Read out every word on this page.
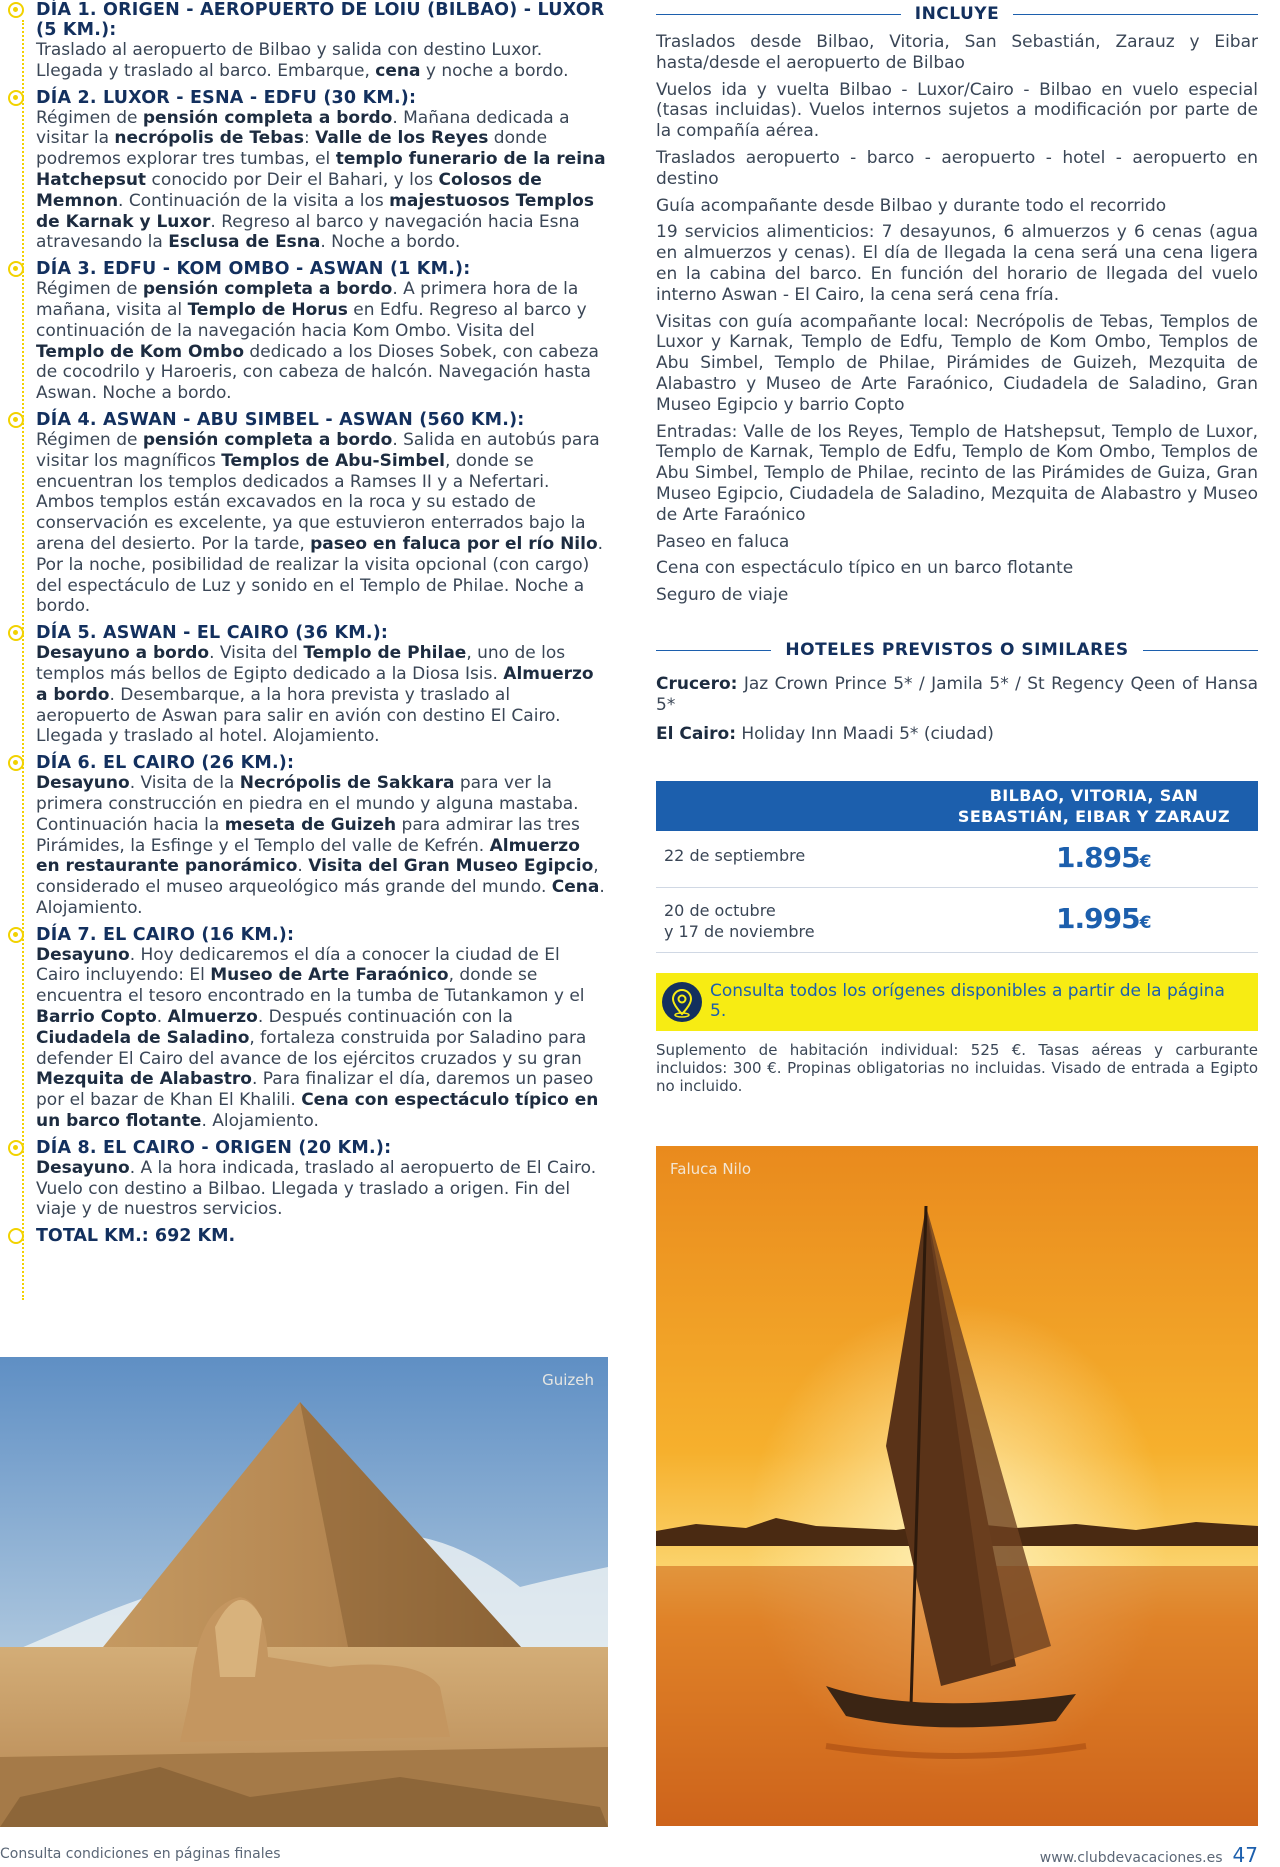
DÍA 1. ORIGEN - AEROPUERTO DE LOIU (BILBAO) - LUXOR (5 KM.):

Traslado al aeropuerto de Bilbao y salida con destino Luxor. Llegada y traslado al barco. Embarque, cena y noche a bordo.

DÍA 2. LUXOR - ESNA - EDFU (30 KM.):

Régimen de pensión completa a bordo. Mañana dedicada a visitar la necrópolis de Tebas: Valle de los Reyes donde podremos explorar tres tumbas, el templo funerario de la reina Hatchepsut conocido por Deir el Bahari, y los Colosos de Memnon. Continuación de la visita a los majestuosos Templos de Karnak y Luxor. Regreso al barco y navegación hacia Esna atravesando la Esclusa de Esna. Noche a bordo.

DÍA 3. EDFU - KOM OMBO - ASWAN (1 KM.):

Régimen de pensión completa a bordo. A primera hora de la mañana, visita al Templo de Horus en Edfu. Regreso al barco y continuación de la navegación hacia Kom Ombo. Visita del Templo de Kom Ombo dedicado a los Dioses Sobek, con cabeza de cocodrilo y Haroeris, con cabeza de halcón. Navegación hasta Aswan. Noche a bordo.

DÍA 4. ASWAN - ABU SIMBEL - ASWAN (560 KM.):

Régimen de pensión completa a bordo. Salida en autobús para visitar los magníficos Templos de Abu-Simbel, donde se encuentran los templos dedicados a Ramses II y a Nefertari. Ambos templos están excavados en la roca y su estado de conservación es excelente, ya que estuvieron enterrados bajo la arena del desierto. Por la tarde, paseo en faluca por el río Nilo. Por la noche, posibilidad de realizar la visita opcional (con cargo) del espectáculo de Luz y sonido en el Templo de Philae. Noche a bordo.

DÍA 5. ASWAN - EL CAIRO (36 KM.):

Desayuno a bordo. Visita del Templo de Philae, uno de los templos más bellos de Egipto dedicado a la Diosa Isis. Almuerzo a bordo. Desembarque, a la hora prevista y traslado al aeropuerto de Aswan para salir en avión con destino El Cairo. Llegada y traslado al hotel. Alojamiento.

DÍA 6. EL CAIRO (26 KM.):

Desayuno. Visita de la Necrópolis de Sakkara para ver la primera construcción en piedra en el mundo y alguna mastaba. Continuación hacia la meseta de Guizeh para admirar las tres Pirámides, la Esfinge y el Templo del valle de Kefrén. Almuerzo en restaurante panorámico. Visita del Gran Museo Egipcio, considerado el museo arqueológico más grande del mundo. Cena. Alojamiento.

DÍA 7. EL CAIRO (16 KM.):

Desayuno. Hoy dedicaremos el día a conocer la ciudad de El Cairo incluyendo: El Museo de Arte Faraónico, donde se encuentra el tesoro encontrado en la tumba de Tutankamon y el Barrio Copto. Almuerzo. Después continuación con la Ciudadela de Saladino, fortaleza construida por Saladino para defender El Cairo del avance de los ejércitos cruzados y su gran Mezquita de Alabastro. Para finalizar el día, daremos un paseo por el bazar de Khan El Khalili. Cena con espectáculo típico en un barco flotante. Alojamiento.

DÍA 8. EL CAIRO - ORIGEN (20 KM.):

Desayuno. A la hora indicada, traslado al aeropuerto de El Cairo. Vuelo con destino a Bilbao. Llegada y traslado a origen. Fin del viaje y de nuestros servicios.

TOTAL KM.: 692 KM.
INCLUYE
Traslados desde Bilbao, Vitoria, San Sebastián, Zarauz y Eibar hasta/desde el aeropuerto de Bilbao
Vuelos ida y vuelta Bilbao - Luxor/Cairo - Bilbao en vuelo especial (tasas incluidas). Vuelos internos sujetos a modificación por parte de la compañía aérea.
Traslados aeropuerto - barco - aeropuerto - hotel - aeropuerto en destino
Guía acompañante desde Bilbao y durante todo el recorrido
19 servicios alimenticios: 7 desayunos, 6 almuerzos y 6 cenas (agua en almuerzos y cenas). El día de llegada la cena será una cena ligera en la cabina del barco. En función del horario de llegada del vuelo interno Aswan - El Cairo, la cena será cena fría.
Visitas con guía acompañante local: Necrópolis de Tebas, Templos de Luxor y Karnak, Templo de Edfu, Templo de Kom Ombo, Templos de Abu Simbel, Templo de Philae, Pirámides de Guizeh, Mezquita de Alabastro y Museo de Arte Faraónico, Ciudadela de Saladino, Gran Museo Egipcio y barrio Copto
Entradas: Valle de los Reyes, Templo de Hatshepsut, Templo de Luxor, Templo de Karnak, Templo de Edfu, Templo de Kom Ombo, Templos de Abu Simbel, Templo de Philae, recinto de las Pirámides de Guiza, Gran Museo Egipcio, Ciudadela de Saladino, Mezquita de Alabastro y Museo de Arte Faraónico
Paseo en faluca
Cena con espectáculo típico en un barco flotante
Seguro de viaje
HOTELES PREVISTOS O SIMILARES
Crucero: Jaz Crown Prince 5* / Jamila 5* / St Regency Qeen of Hansa 5*
El Cairo: Holiday Inn Maadi 5* (ciudad)
BILBAO, VITORIA, SAN SEBASTIÁN, EIBAR Y ZARAUZ
22 de septiembre	1.895€
20 de octubre
y 17 de noviembre	1.995€
Consulta todos los orígenes disponibles a partir de la página 5.
Suplemento de habitación individual: 525 €. Tasas aéreas y carburante incluidos: 300 €. Propinas obligatorias no incluidas. Visado de entrada a Egipto no incluido.
Guizeh
Faluca Nilo
Consulta condiciones en páginas finales	www.clubdevacaciones.es 47
